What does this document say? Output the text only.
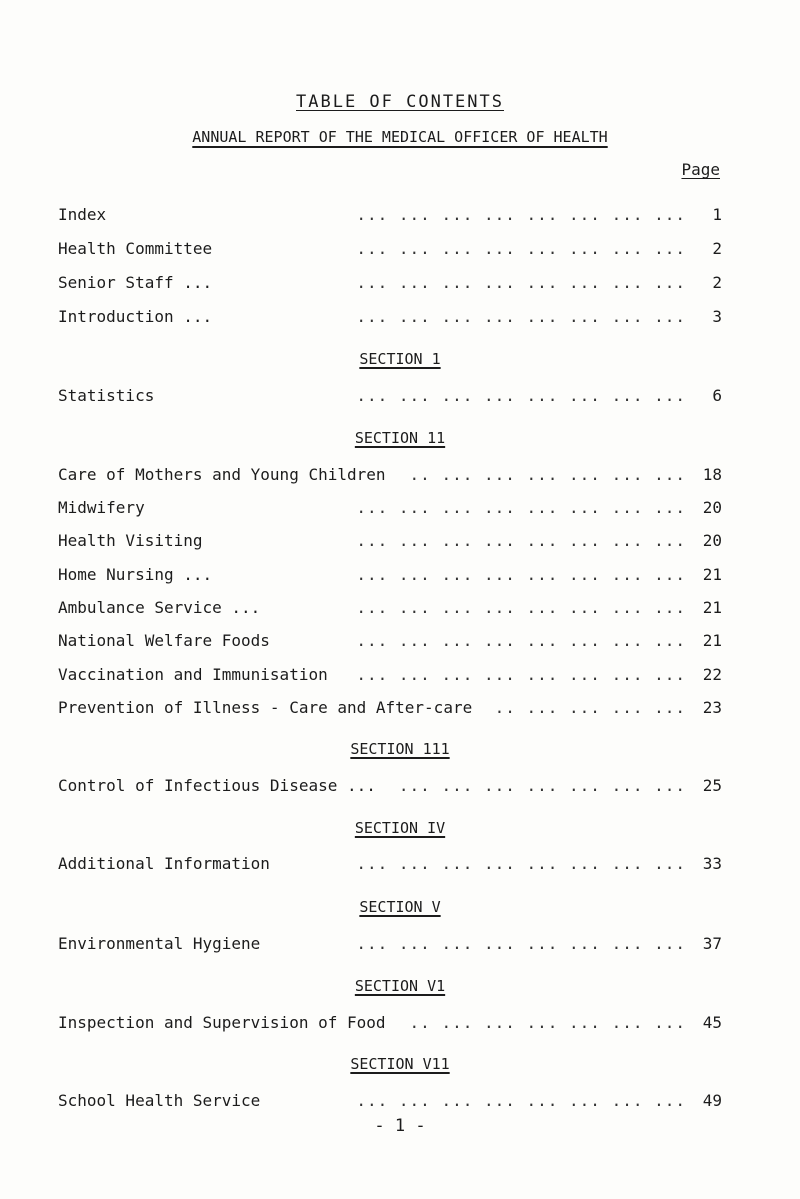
TABLE OF CONTENTS
ANNUAL REPORT OF THE MEDICAL OFFICER OF HEALTH
Page
... ... ... ... ... ... ... ...
Index	1
... ... ... ... ... ... ... ...
Health Committee	2
... ... ... ... ... ... ... ...
Senior Staff ...	2
... ... ... ... ... ... ... ...
Introduction ...	3
SECTION 1
... ... ... ... ... ... ... ...
Statistics	6
SECTION 11
.. ... ... ... ... ... ...
Care of Mothers and Young Children	18
... ... ... ... ... ... ... ...
Midwifery	20
... ... ... ... ... ... ... ...
Health Visiting	20
... ... ... ... ... ... ... ...
Home Nursing ...	21
... ... ... ... ... ... ... ...
Ambulance Service ...	21
... ... ... ... ... ... ... ...
National Welfare Foods	21
... ... ... ... ... ... ... ...
Vaccination and Immunisation	22
.. ... ... ... ...
Prevention of Illness - Care and After-care	23
SECTION 111
... ... ... ... ... ... ...
Control of Infectious Disease ...	25
SECTION IV
... ... ... ... ... ... ... ...
Additional Information	33
SECTION V
... ... ... ... ... ... ... ...
Environmental Hygiene	37
SECTION V1
.. ... ... ... ... ... ...
Inspection and Supervision of Food	45
SECTION V11
... ... ... ... ... ... ... ...
School Health Service	49
- 1 -
